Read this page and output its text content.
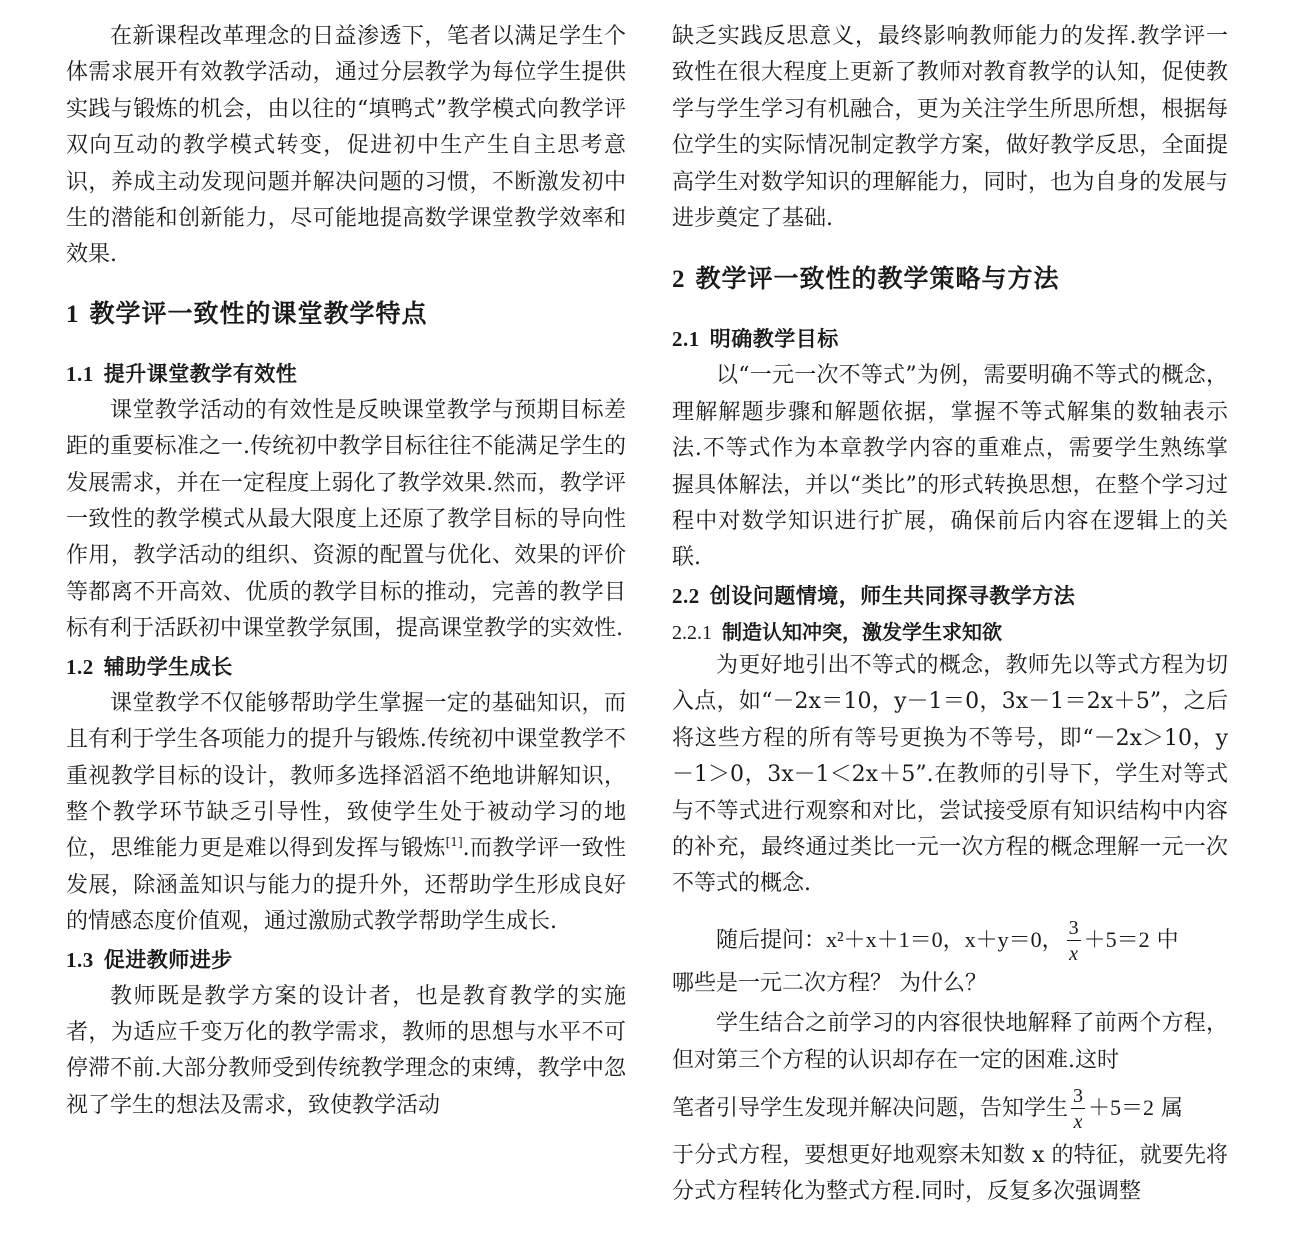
在新课程改革理念的日益渗透下，笔者以满足学生个体需求展开有效教学活动，通过分层教学为每位学生提供实践与锻炼的机会，由以往的“填鸭式”教学模式向教学评双向互动的教学模式转变，促进初中生产生自主思考意识，养成主动发现问题并解决问题的习惯，不断激发初中生的潜能和创新能力，尽可能地提高数学课堂教学效率和效果.

1 教学评一致性的课堂教学特点
1.1 提升课堂教学有效性

课堂教学活动的有效性是反映课堂教学与预期目标差距的重要标准之一.传统初中教学目标往往不能满足学生的发展需求，并在一定程度上弱化了教学效果.然而，教学评一致性的教学模式从最大限度上还原了教学目标的导向性作用，教学活动的组织、资源的配置与优化、效果的评价等都离不开高效、优质的教学目标的推动，完善的教学目标有利于活跃初中课堂教学氛围，提高课堂教学的实效性.

1.2 辅助学生成长

课堂教学不仅能够帮助学生掌握一定的基础知识，而且有利于学生各项能力的提升与锻炼.传统初中课堂教学不重视教学目标的设计，教师多选择滔滔不绝地讲解知识，整个教学环节缺乏引导性，致使学生处于被动学习的地位，思维能力更是难以得到发挥与锻炼[1].而教学评一致性发展，除涵盖知识与能力的提升外，还帮助学生形成良好的情感态度价值观，通过激励式教学帮助学生成长.

1.3 促进教师进步

教师既是教学方案的设计者，也是教育教学的实施者，为适应千变万化的教学需求，教师的思想与水平不可停滞不前.大部分教师受到传统教学理念的束缚，教学中忽视了学生的想法及需求，致使教学活动

缺乏实践反思意义，最终影响教师能力的发挥.教学评一致性在很大程度上更新了教师对教育教学的认知，促使教学与学生学习有机融合，更为关注学生所思所想，根据每位学生的实际情况制定教学方案，做好教学反思，全面提高学生对数学知识的理解能力，同时，也为自身的发展与进步奠定了基础.

2 教学评一致性的教学策略与方法
2.1 明确教学目标

以“一元一次不等式”为例，需要明确不等式的概念，理解解题步骤和解题依据，掌握不等式解集的数轴表示法.不等式作为本章教学内容的重难点，需要学生熟练掌握具体解法，并以“类比”的形式转换思想，在整个学习过程中对数学知识进行扩展，确保前后内容在逻辑上的关联.

2.2 创设问题情境，师生共同探寻教学方法
2.2.1 制造认知冲突，激发学生求知欲

为更好地引出不等式的概念，教师先以等式方程为切入点，如“－2x＝10，y－1＝0，3x－1＝2x＋5”，之后将这些方程的所有等号更换为不等号，即“－2x＞10，y－1＞0，3x－1＜2x＋5”.在教师的引导下，学生对等式与不等式进行观察和对比，尝试接受原有知识结构中内容的补充，最终通过类比一元一次方程的概念理解一元一次不等式的概念.

随后提问：x²＋x＋1＝0，x＋y＝0， $\frac{3}{x} +5=2$ 中

哪些是一元二次方程？ 为什么？

学生结合之前学习的内容很快地解释了前两个方程，但对第三个方程的认识却存在一定的困难.这时

笔者引导学生发现并解决问题，告知学生 $\frac{3}{x} +5=2$ 属

于分式方程，要想更好地观察未知数 x 的特征，就要先将分式方程转化为整式方程.同时，反复多次强调整
